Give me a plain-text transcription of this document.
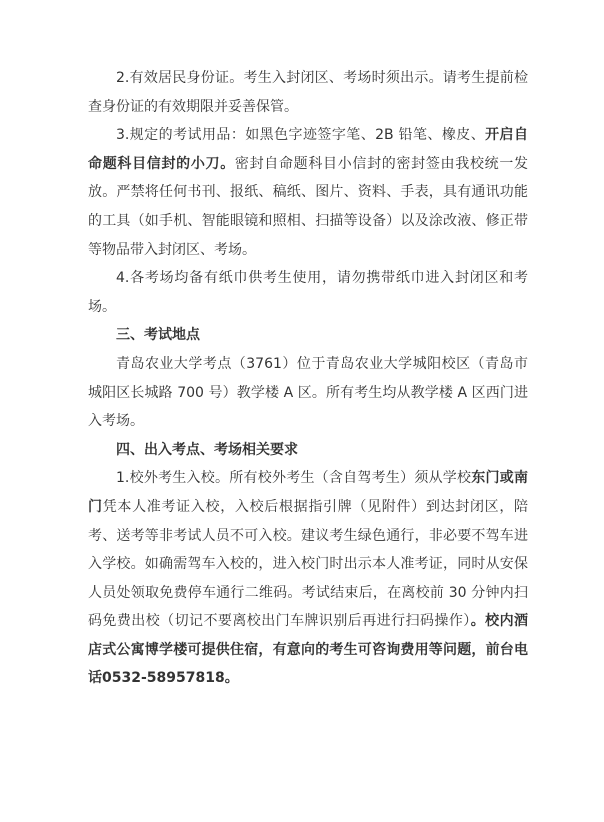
2.有效居民身份证。考生入封闭区、考场时须出示。请考生提前检查身份证的有效期限并妥善保管。

3.规定的考试用品：如黑色字迹签字笔、2B 铅笔、橡皮、开启自命题科目信封的小刀。密封自命题科目小信封的密封签由我校统一发放。严禁将任何书刊、报纸、稿纸、图片、资料、手表，具有通讯功能的工具（如手机、智能眼镜和照相、扫描等设备）以及涂改液、修正带等物品带入封闭区、考场。

4.各考场均备有纸巾供考生使用，请勿携带纸巾进入封闭区和考场。

三、考试地点

青岛农业大学考点（3761）位于青岛农业大学城阳校区（青岛市城阳区长城路 700 号）教学楼 A 区。所有考生均从教学楼 A 区西门进入考场。

四、出入考点、考场相关要求

1.校外考生入校。所有校外考生（含自驾考生）须从学校东门或南门凭本人准考证入校，入校后根据指引牌（见附件）到达封闭区，陪考、送考等非考试人员不可入校。建议考生绿色通行，非必要不驾车进入学校。如确需驾车入校的，进入校门时出示本人准考证，同时从安保人员处领取免费停车通行二维码。考试结束后，在离校前 30 分钟内扫码免费出校（切记不要离校出门车牌识别后再进行扫码操作）。校内酒店式公寓博学楼可提供住宿，有意向的考生可咨询费用等问题，前台电话0532-58957818。
